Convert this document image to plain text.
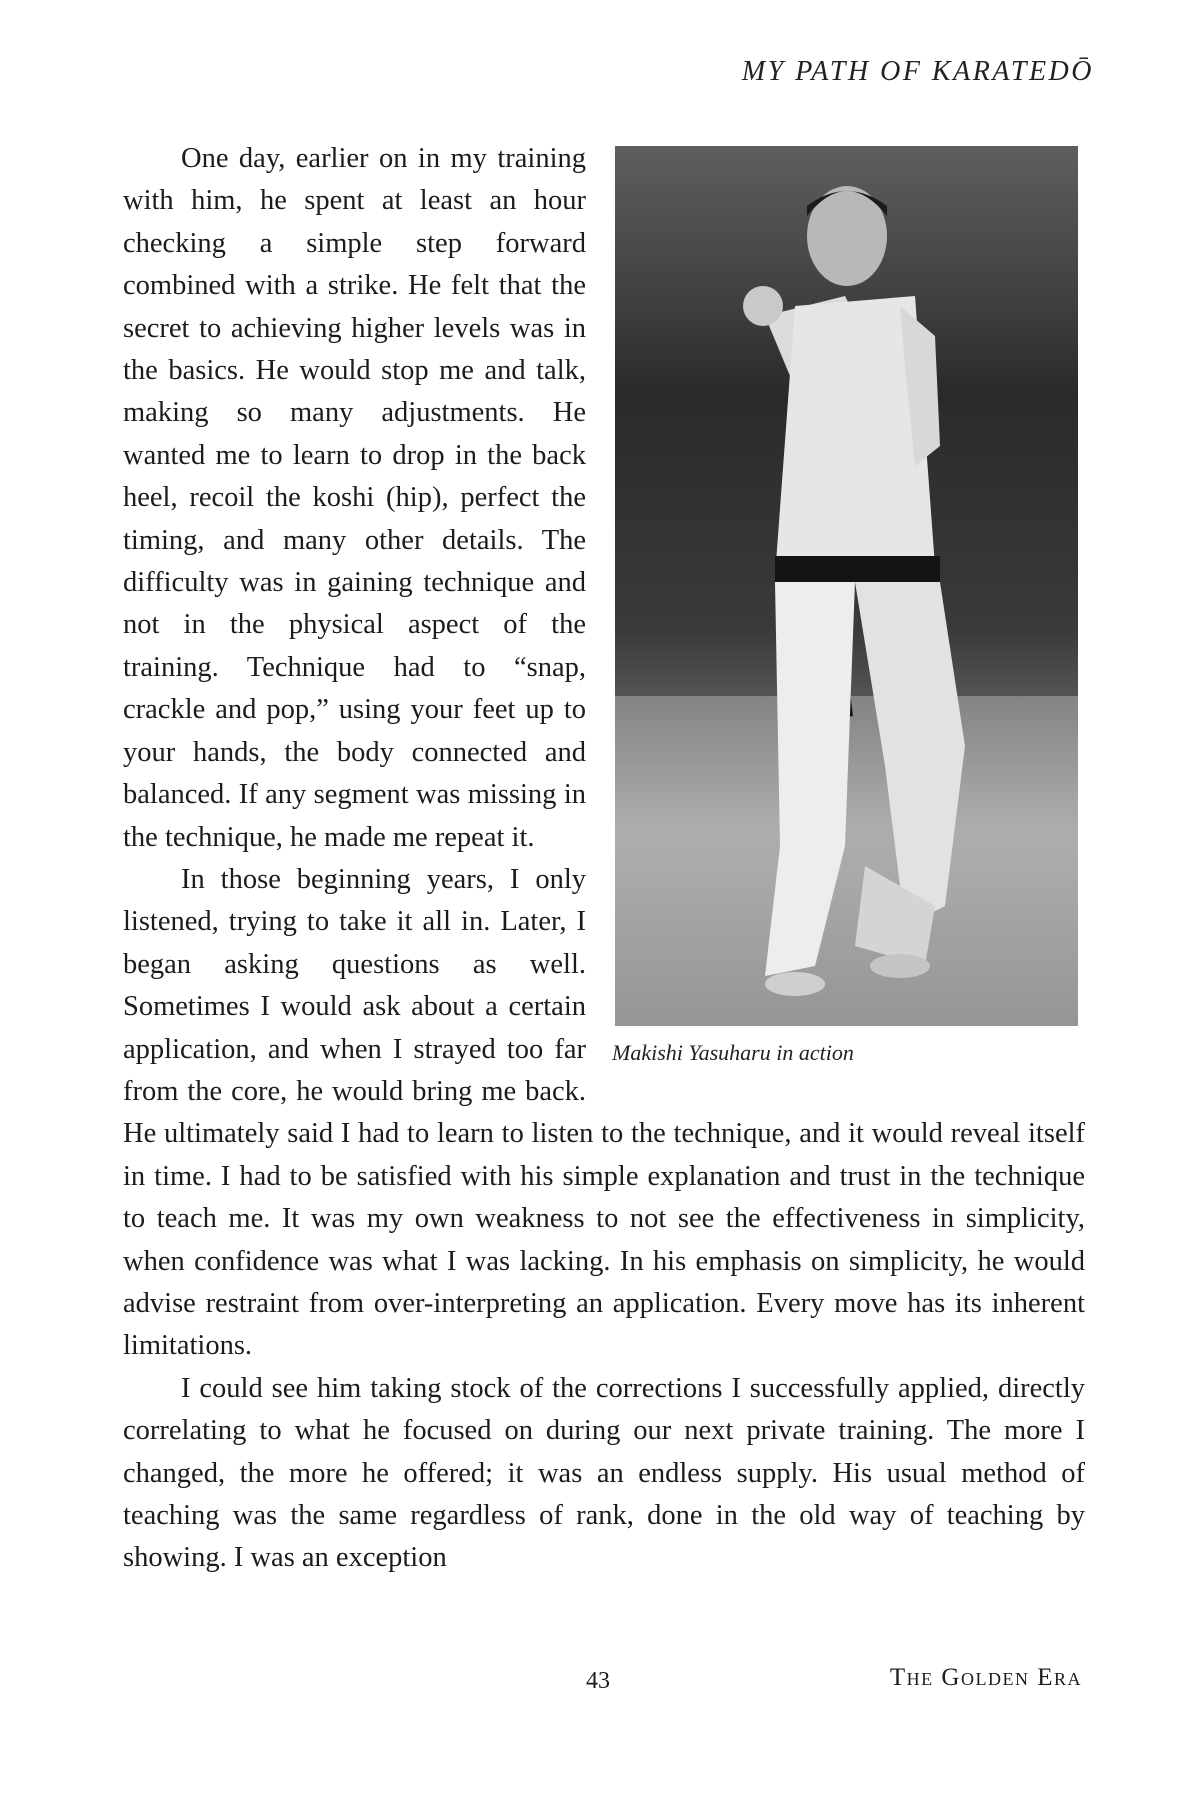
MY PATH OF KARATEDŌ
Makishi Yasuharu in action

One day, earlier on in my training with him, he spent at least an hour checking a simple step forward combined with a strike. He felt that the secret to achieving higher levels was in the basics. He would stop me and talk, making so many adjustments. He wanted me to learn to drop in the back heel, recoil the koshi (hip), perfect the timing, and many other details. The difficulty was in gaining technique and not in the physical aspect of the training. Technique had to “snap, crackle and pop,” using your feet up to your hands, the body connected and balanced. If any segment was missing in the technique, he made me repeat it.

In those beginning years, I only listened, trying to take it all in. Later, I began asking questions as well. Sometimes I would ask about a certain application, and when I strayed too far from the core, he would bring me back. He ultimately said I had to learn to listen to the technique, and it would reveal itself in time. I had to be satisfied with his simple explanation and trust in the technique to teach me. It was my own weakness to not see the effectiveness in simplicity, when confidence was what I was lacking. In his emphasis on simplicity, he would advise restraint from over-interpreting an application. Every move has its inherent limitations.

I could see him taking stock of the corrections I successfully applied, directly correlating to what he focused on during our next private training. The more I changed, the more he offered; it was an endless supply. His usual method of teaching was the same regardless of rank, done in the old way of teaching by showing. I was an exception

43	The Golden Era
